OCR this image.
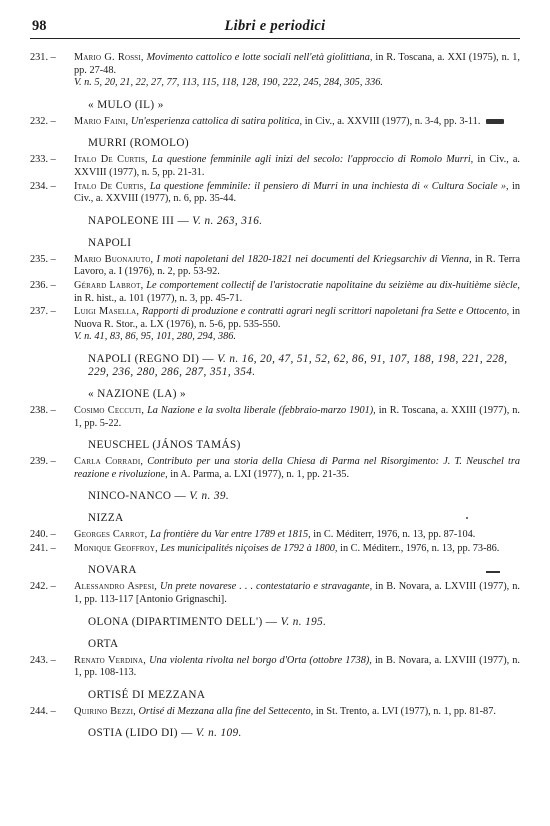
98	Libri e periodici
231. –	Mario G. Rossi, Movimento cattolico e lotte sociali nell'età giolittiana, in R. Toscana, a. XXI (1975), n. 1, pp. 27-48.
V. n. 5, 20, 21, 22, 27, 77, 113, 115, 118, 128, 190, 222, 245, 284, 305, 336.
« MULO (IL) »
232. –	Mario Faini, Un'esperienza cattolica di satira politica, in Civ., a. XXVIII (1977), n. 3-4, pp. 3-11.
MURRI (ROMOLO)
233. –	Italo De Curtis, La questione femminile agli inizi del secolo: l'approccio di Romolo Murri, in Civ., a. XXVIII (1977), n. 5, pp. 21-31.
234. –	Italo De Curtis, La questione femminile: il pensiero di Murri in una inchiesta di « Cultura Sociale », in Civ., a. XXVIII (1977), n. 6, pp. 35-44.
NAPOLEONE III — V. n. 263, 316.
NAPOLI
235. –	Mario Buonajuto, I moti napoletani del 1820-1821 nei documenti del Kriegsarchiv di Vienna, in R. Terra Lavoro, a. I (1976), n. 2, pp. 53-92.
236. –	Gérard Labrot, Le comportement collectif de l'aristocratie napolitaine du seizième au dix-huitième siècle, in R. hist., a. 101 (1977), n. 3, pp. 45-71.
237. –	Luigi Masella, Rapporti di produzione e contratti agrari negli scrittori napoletani fra Sette e Ottocento, in Nuova R. Stor., a. LX (1976), n. 5-6, pp. 535-550.
V. n. 41, 83, 86, 95, 101, 280, 294, 386.
NAPOLI (REGNO DI) — V. n. 16, 20, 47, 51, 52, 62, 86, 91, 107, 188, 198, 221, 228, 229, 236, 280, 286, 287, 351, 354.
« NAZIONE (LA) »
238. –	Cosimo Ceccuti, La Nazione e la svolta liberale (febbraio-marzo 1901), in R. Toscana, a. XXIII (1977), n. 1, pp. 5-22.
NEUSCHEL (JÁNOS TAMÁS)
239. –	Carla Corradi, Contributo per una storia della Chiesa di Parma nel Risorgimento: J. T. Neuschel tra reazione e rivoluzione, in A. Parma, a. LXI (1977), n. 1, pp. 21-35.
NINCO-NANCO — V. n. 39.
NIZZA
240. –	Georges Carrot, La frontière du Var entre 1789 et 1815, in C. Méditerr, 1976, n. 13, pp. 87-104.
241. –	Monique Geoffroy, Les municipalités niçoises de 1792 à 1800, in C. Méditerr., 1976, n. 13, pp. 73-86.
NOVARA
242. –	Alessandro Aspesi, Un prete novarese . . . contestatario e stravagante, in B. Novara, a. LXVIII (1977), n. 1, pp. 113-117 [Antonio Grignaschi].
OLONA (DIPARTIMENTO DELL') — V. n. 195.
ORTA
243. –	Renato Verdina, Una violenta rivolta nel borgo d'Orta (ottobre 1738), in B. Novara, a. LXVIII (1977), n. 1, pp. 108-113.
ORTISÉ DI MEZZANA
244. –	Quirino Bezzi, Ortisé di Mezzana alla fine del Settecento, in St. Trento, a. LVI (1977), n. 1, pp. 81-87.
OSTIA (LIDO DI) — V. n. 109.
